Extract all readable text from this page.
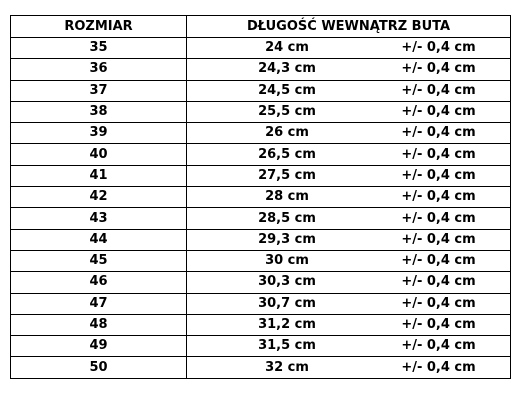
ROZMIAR	DŁUGOŚĆ WEWNĄTRZ BUTA
35	24 cm +/- 0,4 cm

36	24,3 cm +/- 0,4 cm

37	24,5 cm +/- 0,4 cm

38	25,5 cm +/- 0,4 cm

39	26 cm +/- 0,4 cm

40	26,5 cm +/- 0,4 cm

41	27,5 cm +/- 0,4 cm

42	28 cm +/- 0,4 cm

43	28,5 cm +/- 0,4 cm

44	29,3 cm +/- 0,4 cm

45	30 cm +/- 0,4 cm

46	30,3 cm +/- 0,4 cm

47	30,7 cm +/- 0,4 cm

48	31,2 cm +/- 0,4 cm

49	31,5 cm +/- 0,4 cm

50	32 cm +/- 0,4 cm
